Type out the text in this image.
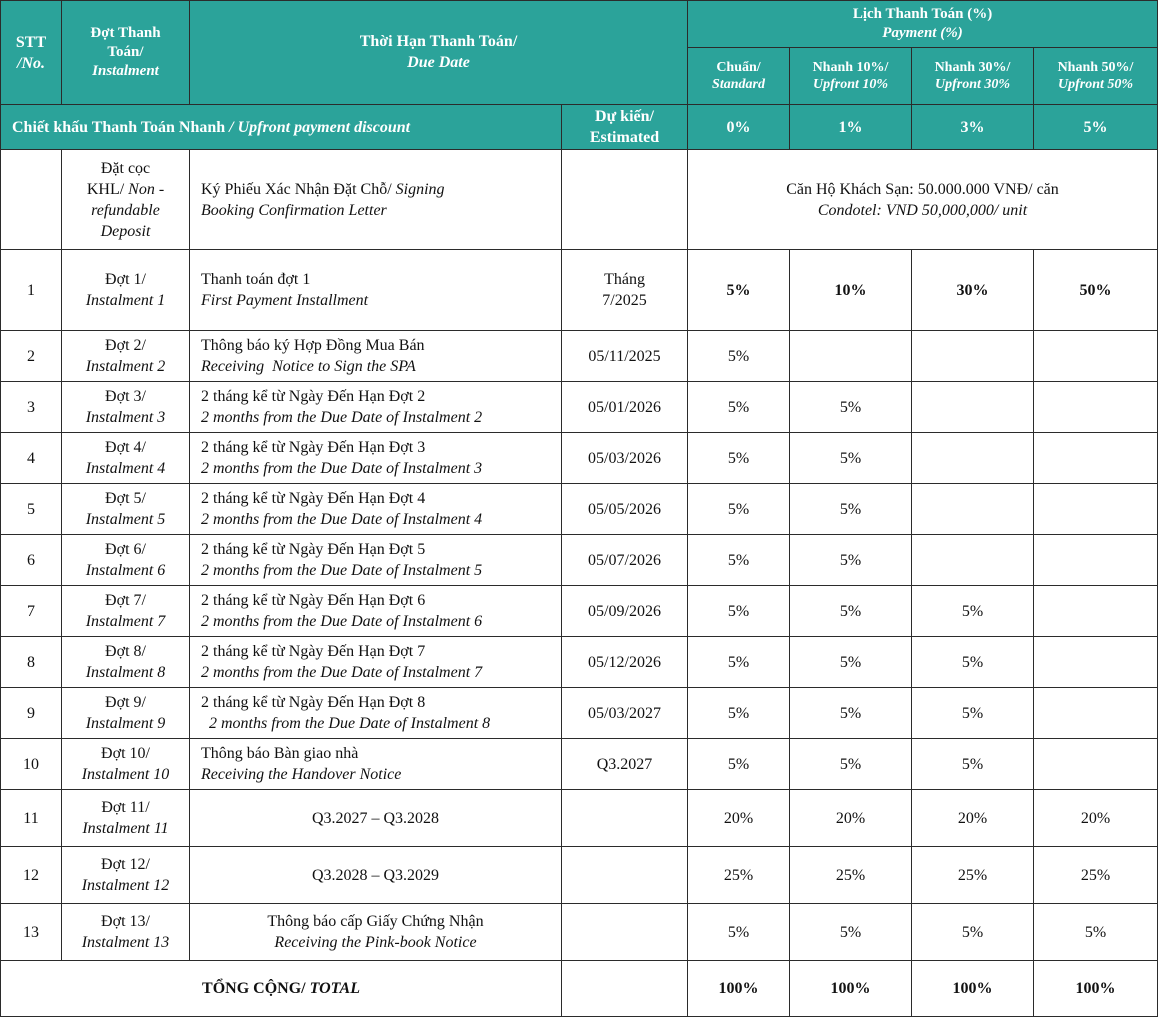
STT
/No.	Đợt Thanh
Toán/
Instalment	Thời Hạn Thanh Toán/
Due Date		Lịch Thanh Toán (%)
Payment (%)			

				Chuẩn/
Standard	Nhanh 10%/
Upfront 10%	Nhanh 30%/
Upfront 30%	Nhanh 50%/
Upfront 50%

Chiết khấu Thanh Toán Nhanh / Upfront payment discount			Dự kiến/
Estimated	0%	1%	3%	5%

	Đặt cọc
KHL/ Non -
refundable
Deposit	Ký Phiếu Xác Nhận Đặt Chỗ/ Signing
Booking Confirmation Letter		Căn Hộ Khách Sạn: 50.000.000 VNĐ/ căn
Condotel: VND 50,000,000/ unit			

1	Đợt 1/
Instalment 1	Thanh toán đợt 1
First Payment Installment	Tháng
7/2025	5%	10%	30%	50%
2	Đợt 2/
Instalment 2	Thông báo ký Hợp Đồng Mua Bán
Receiving  Notice to Sign the SPA	05/11/2025	5%			
3	Đợt 3/
Instalment 3	2 tháng kể từ Ngày Đến Hạn Đợt 2
2 months from the Due Date of Instalment 2	05/01/2026	5%	5%		
4	Đợt 4/
Instalment 4	2 tháng kể từ Ngày Đến Hạn Đợt 3
2 months from the Due Date of Instalment 3	05/03/2026	5%	5%		
5	Đợt 5/
Instalment 5	2 tháng kể từ Ngày Đến Hạn Đợt 4
2 months from the Due Date of Instalment 4	05/05/2026	5%	5%		
6	Đợt 6/
Instalment 6	2 tháng kể từ Ngày Đến Hạn Đợt 5
2 months from the Due Date of Instalment 5	05/07/2026	5%	5%		
7	Đợt 7/
Instalment 7	2 tháng kể từ Ngày Đến Hạn Đợt 6
2 months from the Due Date of Instalment 6	05/09/2026	5%	5%	5%	
8	Đợt 8/
Instalment 8	2 tháng kể từ Ngày Đến Hạn Đợt 7
2 months from the Due Date of Instalment 7	05/12/2026	5%	5%	5%	
9	Đợt 9/
Instalment 9	2 tháng kể từ Ngày Đến Hạn Đợt 8
2 months from the Due Date of Instalment 8	05/03/2027	5%	5%	5%	
10	Đợt 10/
Instalment 10	Thông báo Bàn giao nhà
Receiving the Handover Notice	Q3.2027	5%	5%	5%	
11	Đợt 11/
Instalment 11	Q3.2027 – Q3.2028		20%	20%	20%	20%
12	Đợt 12/
Instalment 12	Q3.2028 – Q3.2029		25%	25%	25%	25%
13	Đợt 13/
Instalment 13	Thông báo cấp Giấy Chứng Nhận
Receiving the Pink-book Notice		5%	5%	5%	5%
TỔNG CỘNG/ TOTAL				100%	100%	100%	100%
